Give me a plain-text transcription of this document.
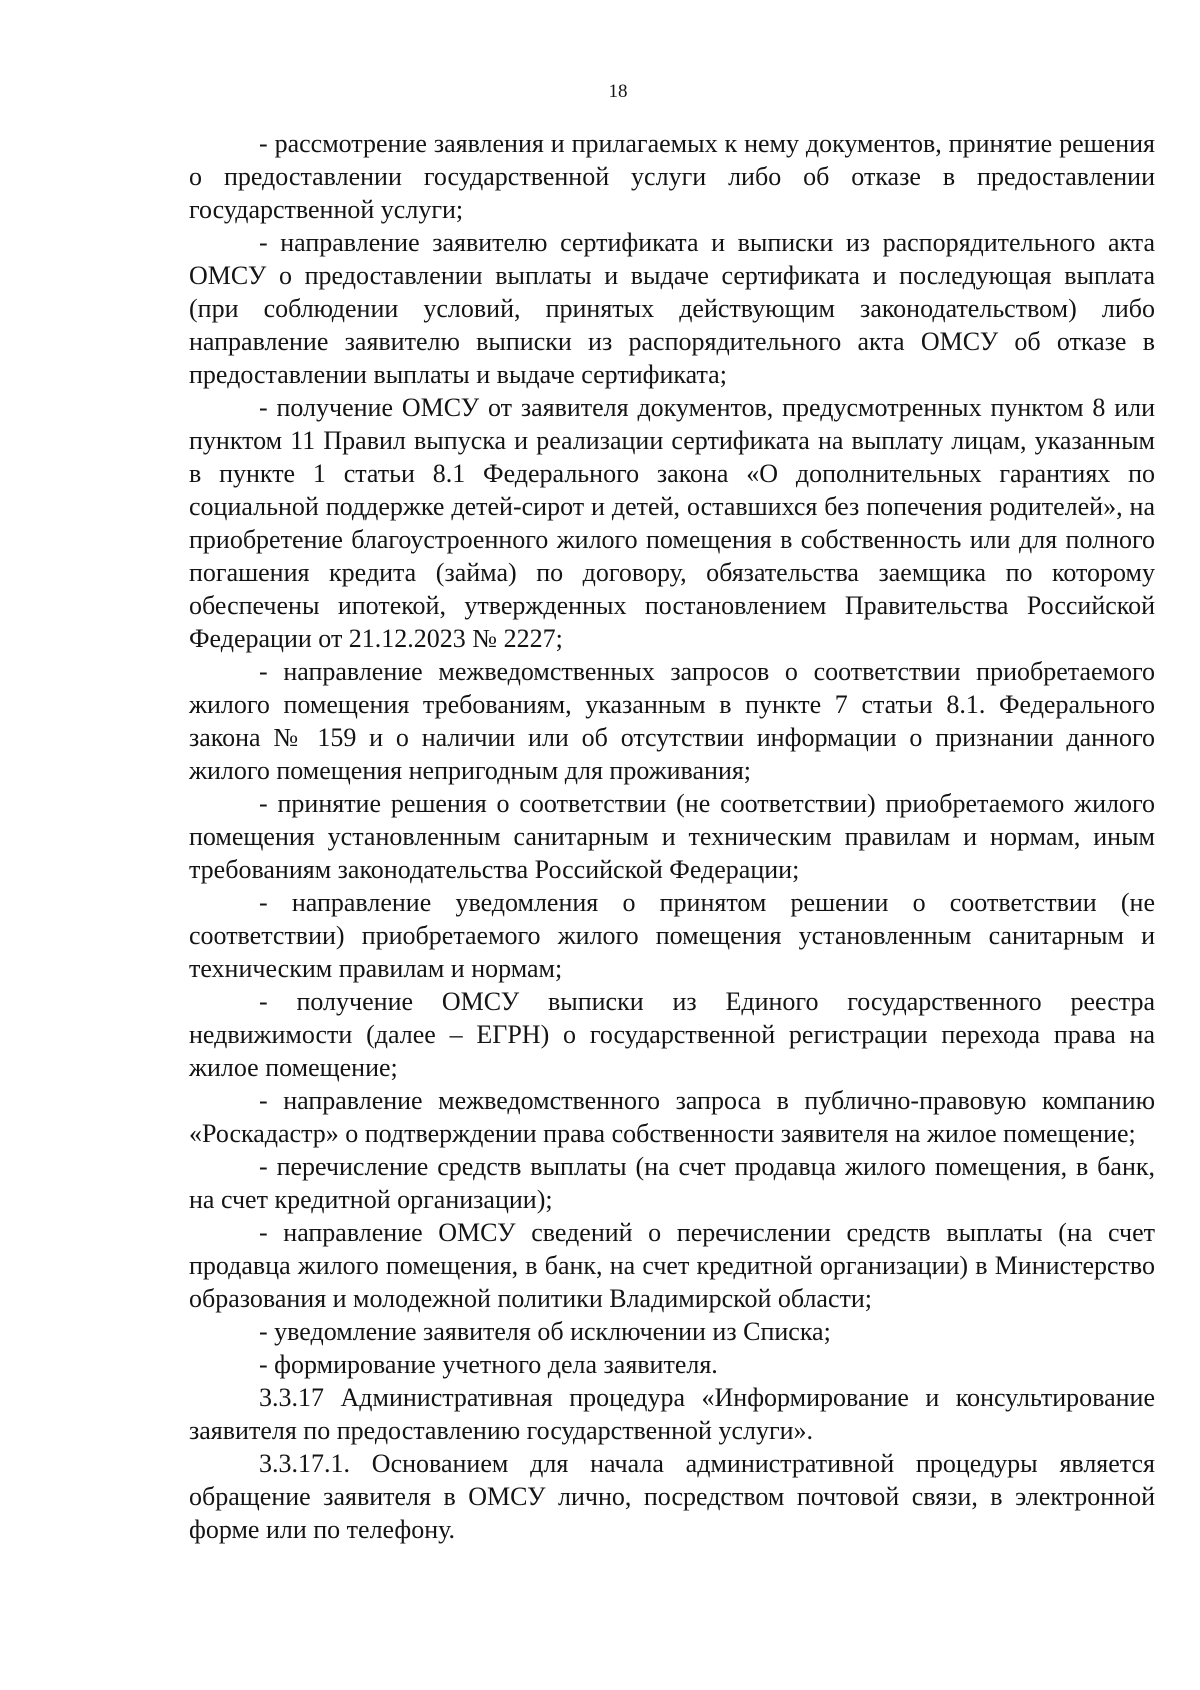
18

- рассмотрение заявления и прилагаемых к нему документов, принятие решения о предоставлении государственной услуги либо об отказе в предоставлении государственной услуги;

- направление заявителю сертификата и выписки из распорядительного акта ОМСУ о предоставлении выплаты и выдаче сертификата и последующая выплата (при соблюдении условий, принятых действующим законодательством) либо направление заявителю выписки из распорядительного акта ОМСУ об отказе в предоставлении выплаты и выдаче сертификата;

- получение ОМСУ от заявителя документов, предусмотренных пунктом 8 или пунктом 11 Правил выпуска и реализации сертификата на выплату лицам, указанным в пункте 1 статьи 8.1 Федерального закона «О дополнительных гарантиях по социальной поддержке детей-сирот и детей, оставшихся без попечения родителей», на приобретение благоустроенного жилого помещения в собственность или для полного погашения кредита (займа) по договору, обязательства заемщика по которому обеспечены ипотекой, утвержденных постановлением Правительства Российской Федерации от 21.12.2023 № 2227;

- направление межведомственных запросов о соответствии приобретаемого жилого помещения требованиям, указанным в пункте 7 статьи 8.1. Федерального закона № 159 и о наличии или об отсутствии информации о признании данного жилого помещения непригодным для проживания;

- принятие решения о соответствии (не соответствии) приобретаемого жилого помещения установленным санитарным и техническим правилам и нормам, иным требованиям законодательства Российской Федерации;

- направление уведомления о принятом решении о соответствии (не соответствии) приобретаемого жилого помещения установленным санитарным и техническим правилам и нормам;

- получение ОМСУ выписки из Единого государственного реестра недвижимости (далее – ЕГРН) о государственной регистрации перехода права на жилое помещение;

- направление межведомственного запроса в публично-правовую компанию «Роскадастр» о подтверждении права собственности заявителя на жилое помещение;

- перечисление средств выплаты (на счет продавца жилого помещения, в банк, на счет кредитной организации);

- направление ОМСУ сведений о перечислении средств выплаты (на счет продавца жилого помещения, в банк, на счет кредитной организации) в Министерство образования и молодежной политики Владимирской области;

- уведомление заявителя об исключении из Списка;

- формирование учетного дела заявителя.

3.3.17 Административная процедура «Информирование и консультирование заявителя по предоставлению государственной услуги».

3.3.17.1. Основанием для начала административной процедуры является обращение заявителя в ОМСУ лично, посредством почтовой связи, в электронной форме или по телефону.
